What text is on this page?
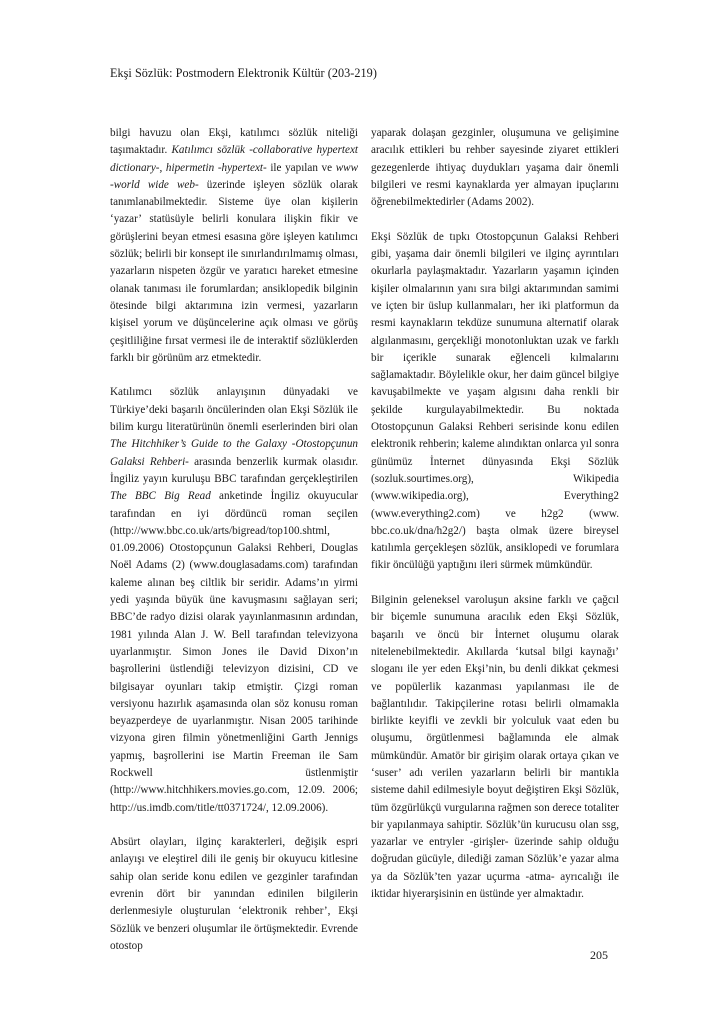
Ekşi Sözlük: Postmodern Elektronik Kültür (203-219)

bilgi havuzu olan Ekşi, katılımcı sözlük niteliği taşımaktadır. Katılımcı sözlük -collaborative hypertext dictionary-, hipermetin -hypertext- ile yapılan ve www -world wide web- üzerinde işleyen sözlük olarak tanımlanabilmektedir. Sisteme üye olan kişilerin ‘yazar’ statüsüyle belirli konulara ilişkin fikir ve görüşlerini beyan etmesi esasına göre işleyen katılımcı sözlük; belirli bir konsept ile sınırlandırılmamış olması, yazarların nispeten özgür ve yaratıcı hareket etmesine olanak tanıması ile forumlardan; ansiklopedik bilginin ötesinde bilgi aktarımına izin vermesi, yazarların kişisel yorum ve düşüncelerine açık olması ve görüş çeşitliliğine fırsat vermesi ile de interaktif sözlüklerden farklı bir görünüm arz etmektedir.

Katılımcı sözlük anlayışının dünyadaki ve Türkiye’deki başarılı öncülerinden olan Ekşi Sözlük ile bilim kurgu literatürünün önemli eserlerinden biri olan The Hitchhiker’s Guide to the Galaxy -Otostopçunun Galaksi Rehberi- arasında benzerlik kurmak olasıdır. İngiliz yayın kuruluşu BBC tarafından gerçekleştirilen The BBC Big Read anketinde İngiliz okuyucular tarafından en iyi dördüncü roman seçilen (http://www.bbc.co.uk/arts/bigread/top100.shtml, 01.09.2006) Otostopçunun Galaksi Rehberi, Douglas Noël Adams (2) (www.douglasadams.com) tarafından kaleme alınan beş ciltlik bir seridir. Adams’ın yirmi yedi yaşında büyük üne kavuşmasını sağlayan seri; BBC’de radyo dizisi olarak yayınlanmasının ardından, 1981 yılında Alan J. W. Bell tarafından televizyona uyarlanmıştır. Simon Jones ile David Dixon’ın başrollerini üstlendiği televizyon dizisini, CD ve bilgisayar oyunları takip etmiştir. Çizgi roman versiyonu hazırlık aşamasında olan söz konusu roman beyazperdeye de uyarlanmıştır. Nisan 2005 tarihinde vizyona giren filmin yönetmenliğini Garth Jennigs yapmış, başrollerini ise Martin Freeman ile Sam Rockwell üstlenmiştir (http://www.hitchhikers.movies.go.com, 12.09. 2006; http://us.imdb.com/title/tt0371724/, 12.09.2006).

Absürt olayları, ilginç karakterleri, değişik espri anlayışı ve eleştirel dili ile geniş bir okuyucu kitlesine sahip olan seride konu edilen ve gezginler tarafından evrenin dört bir yanından edinilen bilgilerin derlenmesiyle oluşturulan ‘elektronik rehber’, Ekşi Sözlük ve benzeri oluşumlar ile örtüşmektedir. Evrende otostop

yaparak dolaşan gezginler, oluşumuna ve gelişimine aracılık ettikleri bu rehber sayesinde ziyaret ettikleri gezegenlerde ihtiyaç duydukları yaşama dair önemli bilgileri ve resmi kaynaklarda yer almayan ipuçlarını öğrenebilmektedirler (Adams 2002).

Ekşi Sözlük de tıpkı Otostopçunun Galaksi Rehberi gibi, yaşama dair önemli bilgileri ve ilginç ayrıntıları okurlarla paylaşmaktadır. Yazarların yaşamın içinden kişiler olmalarının yanı sıra bilgi aktarımından samimi ve içten bir üslup kullanmaları, her iki platformun da resmi kaynakların tekdüze sunumuna alternatif olarak algılanmasını, gerçekliği monotonluktan uzak ve farklı bir içerikle sunarak eğlenceli kılmalarını sağlamaktadır. Böylelikle okur, her daim güncel bilgiye kavuşabilmekte ve yaşam algısını daha renkli bir şekilde kurgulayabilmektedir. Bu noktada Otostopçunun Galaksi Rehberi serisinde konu edilen elektronik rehberin; kaleme alındıktan onlarca yıl sonra günümüz İnternet dünyasında Ekşi Sözlük (sozluk.sourtimes.org), Wikipedia (www.wikipedia.org), Everything2 (www.everything2.com) ve h2g2 (www. bbc.co.uk/dna/h2g2/) başta olmak üzere bireysel katılımla gerçekleşen sözlük, ansiklopedi ve forumlara fikir öncülüğü yaptığını ileri sürmek mümkündür.

Bilginin geleneksel varoluşun aksine farklı ve çağcıl bir biçemle sunumuna aracılık eden Ekşi Sözlük, başarılı ve öncü bir İnternet oluşumu olarak nitelenebilmektedir. Akıllarda ‘kutsal bilgi kaynağı’ sloganı ile yer eden Ekşi’nin, bu denli dikkat çekmesi ve popülerlik kazanması yapılanması ile de bağlantılıdır. Takipçilerine rotası belirli olmamakla birlikte keyifli ve zevkli bir yolculuk vaat eden bu oluşumu, örgütlenmesi bağlamında ele almak mümkündür. Amatör bir girişim olarak ortaya çıkan ve ‘suser’ adı verilen yazarların belirli bir mantıkla sisteme dahil edilmesiyle boyut değiştiren Ekşi Sözlük, tüm özgürlükçü vurgularına rağmen son derece totaliter bir yapılanmaya sahiptir. Sözlük’ün kurucusu olan ssg, yazarlar ve entryler -girişler- üzerinde sahip olduğu doğrudan gücüyle, dilediği zaman Sözlük’e yazar alma ya da Sözlük’ten yazar uçurma -atma- ayrıcalığı ile iktidar hiyerarşisinin en üstünde yer almaktadır.

205
